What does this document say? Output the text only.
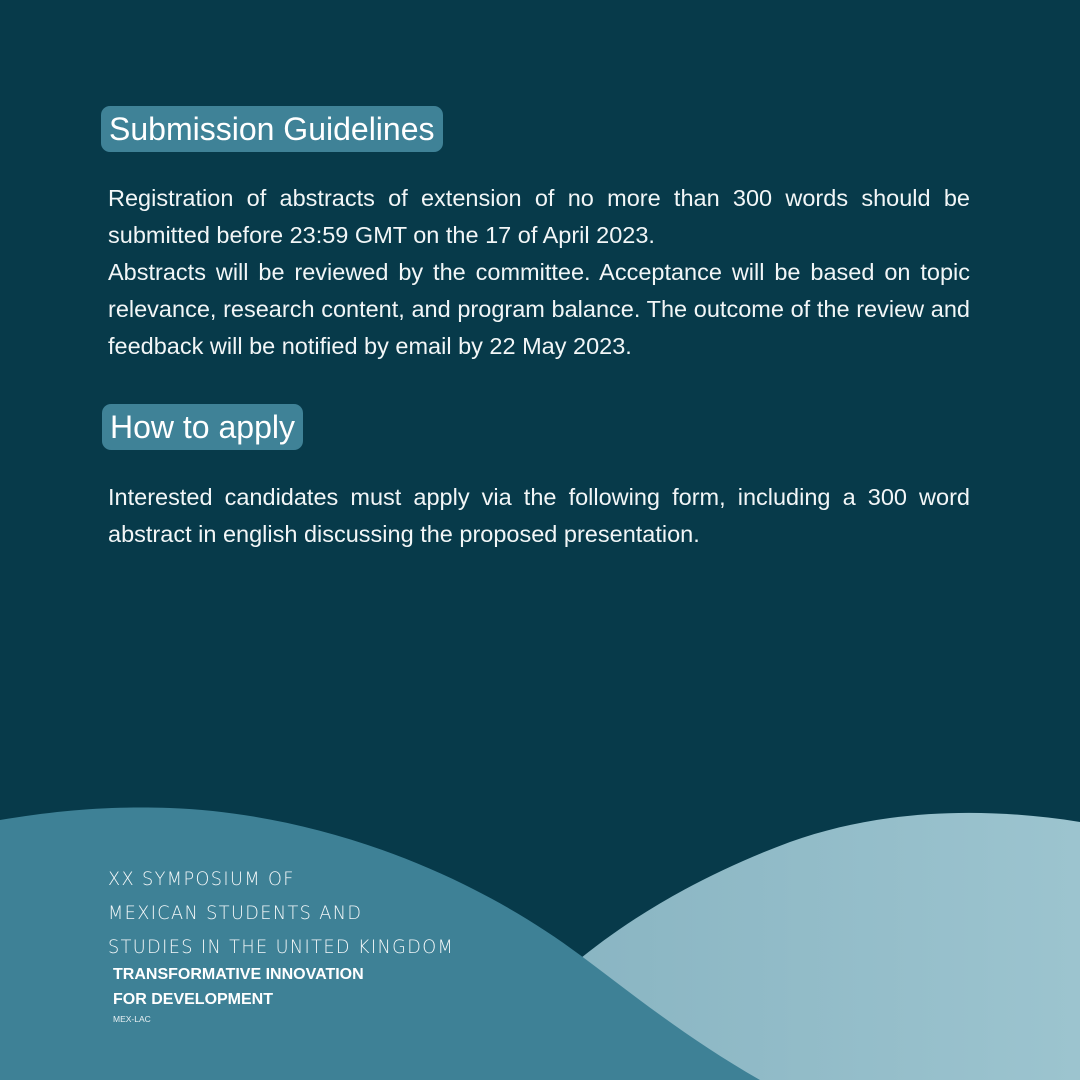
Submission Guidelines

Registration of abstracts of extension of no more than 300 words should be submitted before 23:59 GMT on the 17 of April 2023.

Abstracts will be reviewed by the committee. Acceptance will be based on topic relevance, research content, and program balance. The outcome of the review and feedback will be notified by email by 22 May 2023.

How to apply

Interested candidates must apply via the following form, including a 300 word abstract in english discussing the proposed presentation.

XX SYMPOSIUM OF
MEXICAN STUDENTS AND
STUDIES IN THE UNITED KINGDOM
TRANSFORMATIVE INNOVATION
FOR DEVELOPMENT
MEX-LAC
